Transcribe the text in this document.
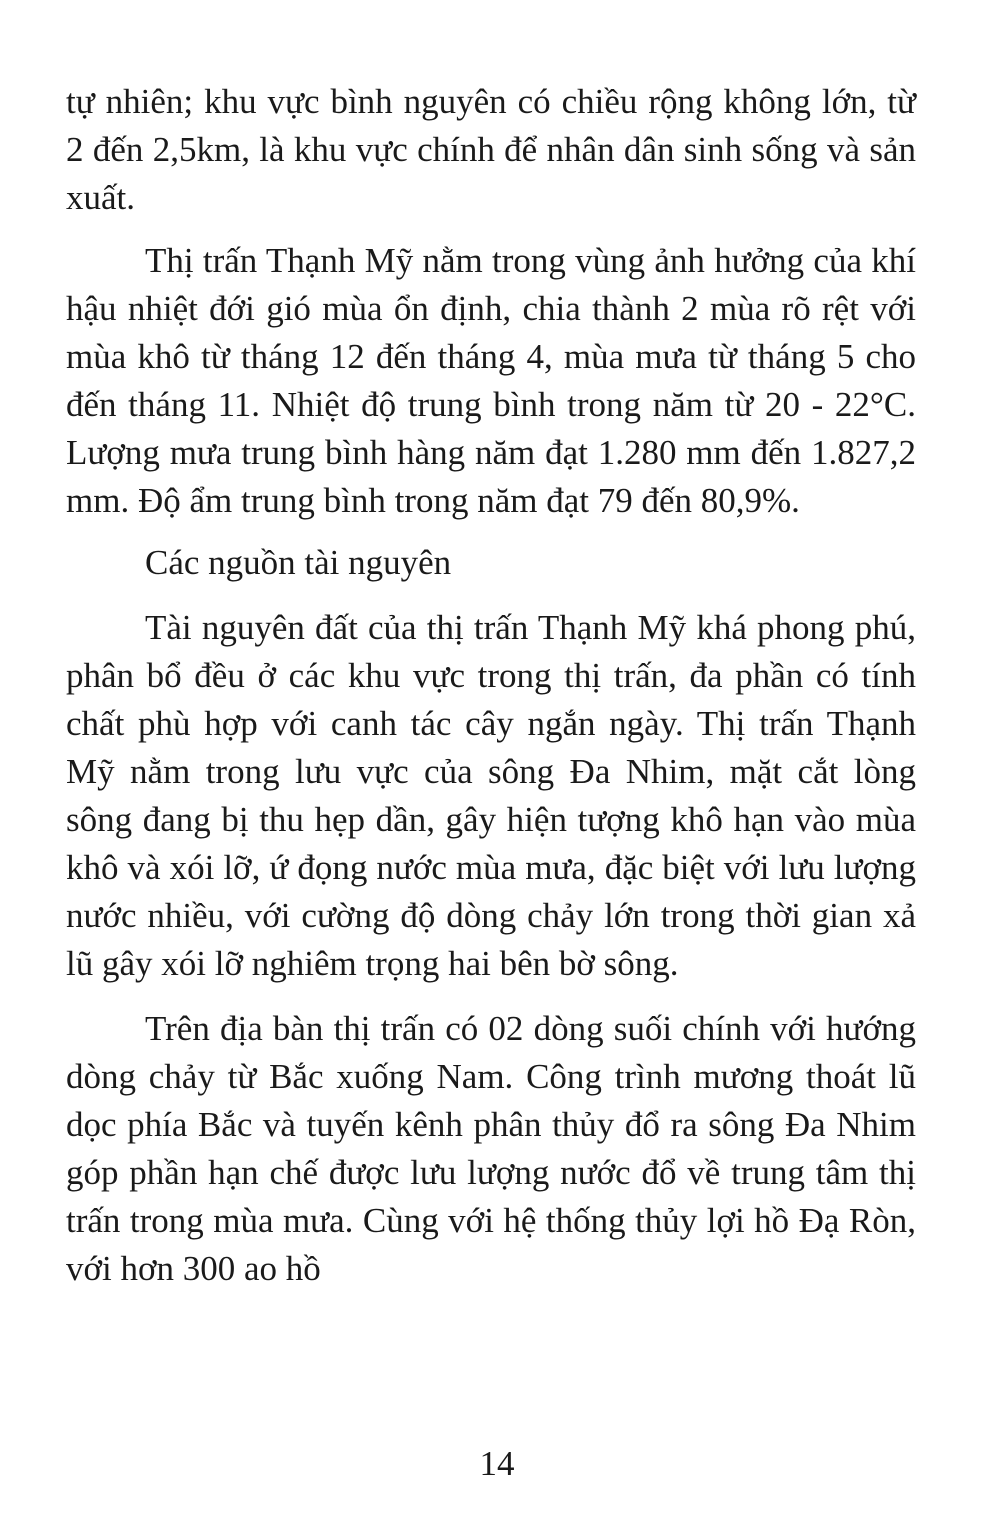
tự nhiên; khu vực bình nguyên có chiều rộng không lớn, từ 2 đến 2,5km, là khu vực chính để nhân dân sinh sống và sản xuất.

Thị trấn Thạnh Mỹ nằm trong vùng ảnh hưởng của khí hậu nhiệt đới gió mùa ổn định, chia thành 2 mùa rõ rệt với mùa khô từ tháng 12 đến tháng 4, mùa mưa từ tháng 5 cho đến tháng 11. Nhiệt độ trung bình trong năm từ 20 - 22°C. Lượng mưa trung bình hàng năm đạt 1.280 mm đến 1.827,2 mm. Độ ẩm trung bình trong năm đạt 79 đến 80,9%.

Các nguồn tài nguyên

Tài nguyên đất của thị trấn Thạnh Mỹ khá phong phú, phân bổ đều ở các khu vực trong thị trấn, đa phần có tính chất phù hợp với canh tác cây ngắn ngày. Thị trấn Thạnh Mỹ nằm trong lưu vực của sông Đa Nhim, mặt cắt lòng sông đang bị thu hẹp dần, gây hiện tượng khô hạn vào mùa khô và xói lỡ, ứ đọng nước mùa mưa, đặc biệt với lưu lượng nước nhiều, với cường độ dòng chảy lớn trong thời gian xả lũ gây xói lỡ nghiêm trọng hai bên bờ sông.

Trên địa bàn thị trấn có 02 dòng suối chính với hướng dòng chảy từ Bắc xuống Nam. Công trình mương thoát lũ dọc phía Bắc và tuyến kênh phân thủy đổ ra sông Đa Nhim góp phần hạn chế được lưu lượng nước đổ về trung tâm thị trấn trong mùa mưa. Cùng với hệ thống thủy lợi hồ Đạ Ròn, với hơn 300 ao hồ

14
